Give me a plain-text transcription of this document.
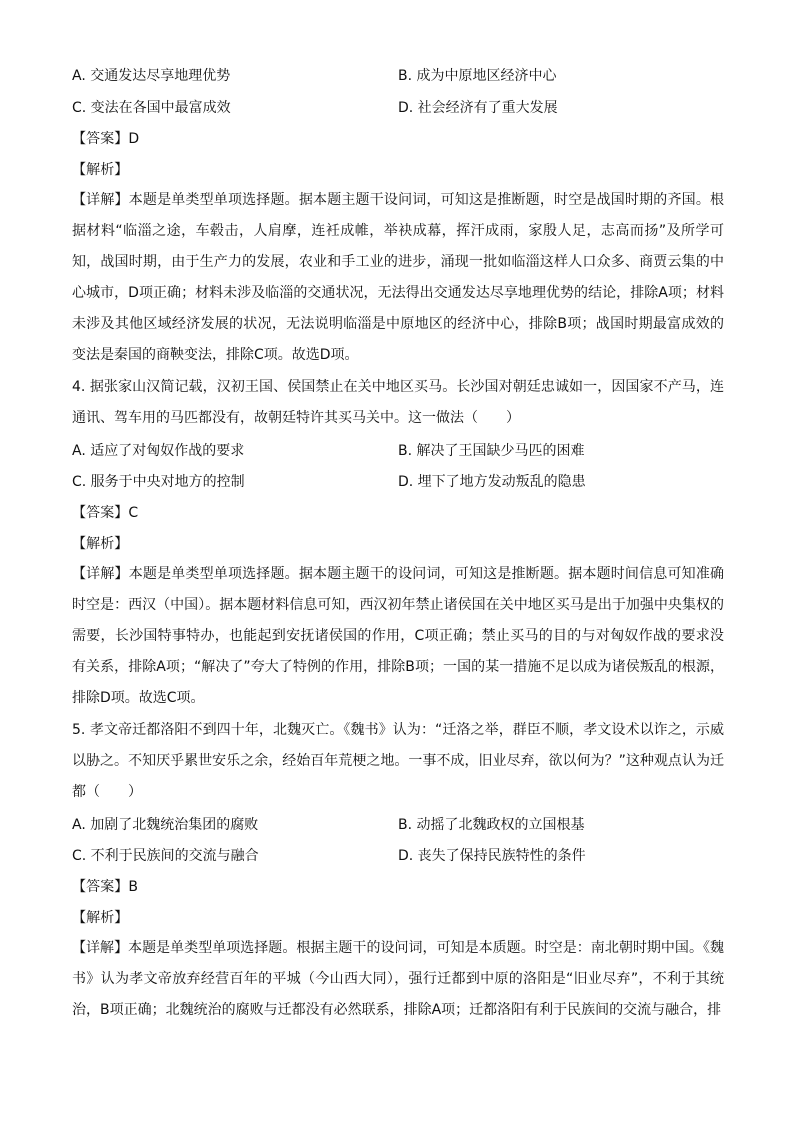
A. 交通发达尽享地理优势	B. 成为中原地区经济中心
C. 变法在各国中最富成效	D. 社会经济有了重大发展
【答案】D
【解析】
【详解】本题是单类型单项选择题。据本题主题干设问词，可知这是推断题，时空是战国时期的齐国。根据材料“临淄之途，车毂击，人肩摩，连衽成帷，举袂成幕，挥汗成雨，家殷人足，志高而扬”及所学可知，战国时期，由于生产力的发展，农业和手工业的进步，涌现一批如临淄这样人口众多、商贾云集的中心城市，D项正确；材料未涉及临淄的交通状况，无法得出交通发达尽享地理优势的结论，排除A项；材料未涉及其他区域经济发展的状况，无法说明临淄是中原地区的经济中心，排除B项；战国时期最富成效的变法是秦国的商鞅变法，排除C项。故选D项。
4. 据张家山汉简记载，汉初王国、侯国禁止在关中地区买马。长沙国对朝廷忠诚如一，因国家不产马，连通讯、驾车用的马匹都没有，故朝廷特许其买马关中。这一做法（　　）
A. 适应了对匈奴作战的要求	B. 解决了王国缺少马匹的困难
C. 服务于中央对地方的控制	D. 埋下了地方发动叛乱的隐患
【答案】C
【解析】
【详解】本题是单类型单项选择题。据本题主题干的设问词，可知这是推断题。据本题时间信息可知准确时空是：西汉（中国）。据本题材料信息可知，西汉初年禁止诸侯国在关中地区买马是出于加强中央集权的需要，长沙国特事特办，也能起到安抚诸侯国的作用，C项正确；禁止买马的目的与对匈奴作战的要求没有关系，排除A项；“解决了”夸大了特例的作用，排除B项；一国的某一措施不足以成为诸侯叛乱的根源，排除D项。故选C项。
5. 孝文帝迁都洛阳不到四十年，北魏灭亡。《魏书》认为：“迁洛之举，群臣不顺，孝文设术以诈之，示威以胁之。不知厌乎累世安乐之余，经始百年荒梗之地。一事不成，旧业尽弃，欲以何为？”这种观点认为迁都（　　）
A. 加剧了北魏统治集团的腐败	B. 动摇了北魏政权的立国根基
C. 不利于民族间的交流与融合	D. 丧失了保持民族特性的条件
【答案】B
【解析】
【详解】本题是单类型单项选择题。根据主题干的设问词，可知是本质题。时空是：南北朝时期中国。《魏书》认为孝文帝放弃经营百年的平城（今山西大同），强行迁都到中原的洛阳是“旧业尽弃”，不利于其统治，B项正确；北魏统治的腐败与迁都没有必然联系，排除A项；迁都洛阳有利于民族间的交流与融合，排
